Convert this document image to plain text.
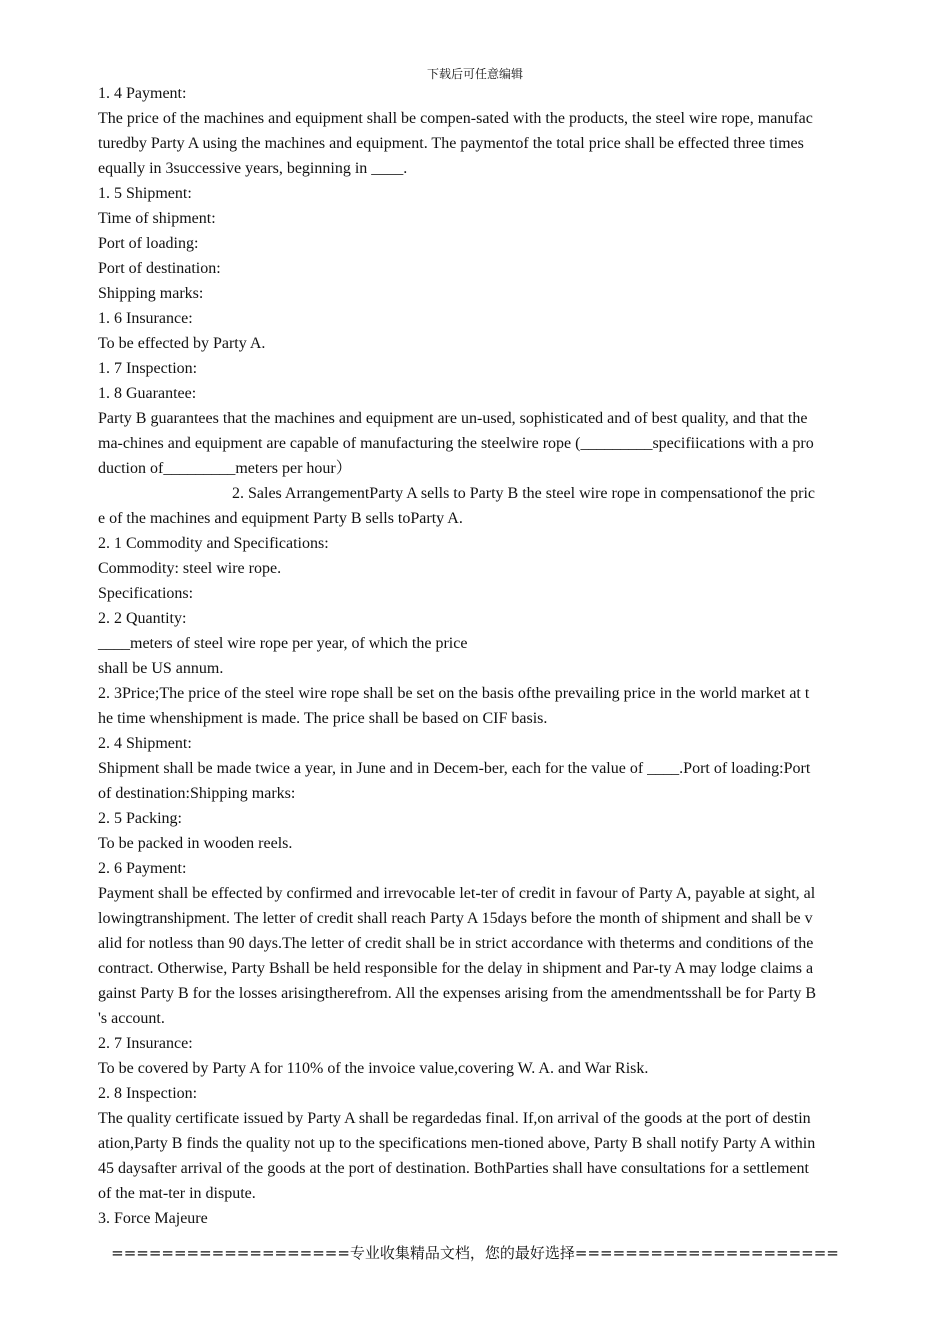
下载后可任意编辑
1. 4 Payment:
The price of the machines and equipment shall be compen-sated with the products, the steel wire rope, manufac
turedby Party A using the machines and equipment. The paymentof the total price shall be effected three times
equally in 3successive years, beginning in ____.
1. 5 Shipment:
Time of shipment:
Port of loading:
Port of destination:
Shipping marks:
1. 6 Insurance:
To be effected by Party A.
1. 7 Inspection:
1. 8 Guarantee:
Party B guarantees that the machines and equipment are un-used, sophisticated and of best quality, and that the
ma-chines and equipment are capable of manufacturing the steelwire rope (_________specifiications with a pro
duction of_________meters per hour）
2. Sales ArrangementParty A sells to Party B the steel wire rope in compensationof the pric
e of the machines and equipment Party B sells toParty A.
2. 1 Commodity and Specifications:
Commodity: steel wire rope.
Specifications:
2. 2 Quantity:
____meters of steel wire rope per year, of which the price
shall be US annum.
2. 3Price;The price of the steel wire rope shall be set on the basis ofthe prevailing price in the world market at t
he time whenshipment is made. The price shall be based on CIF basis.
2. 4 Shipment:
Shipment shall be made twice a year, in June and in Decem-ber, each for the value of ____.Port of loading:Port
of destination:Shipping marks:
2. 5 Packing:
To be packed in wooden reels.
2. 6 Payment:
Payment shall be effected by confirmed and irrevocable let-ter of credit in favour of Party A, payable at sight, al
lowingtranshipment. The letter of credit shall reach Party A 15days before the month of shipment and shall be v
alid for notless than 90 days.The letter of credit shall be in strict accordance with theterms and conditions of the
contract. Otherwise, Party Bshall be held responsible for the delay in shipment and Par-ty A may lodge claims a
gainst Party B for the losses arisingtherefrom. All the expenses arising from the amendmentsshall be for Party B
's account.
2. 7 Insurance:
To be covered by Party A for 110% of the invoice value,covering W. A. and War Risk.
2. 8 Inspection:
The quality certificate issued by Party A shall be regardedas final. If,on arrival of the goods at the port of destin
ation,Party B finds the quality not up to the specifications men-tioned above, Party B shall notify Party A within
45 daysafter arrival of the goods at the port of destination. BothParties shall have consultations for a settlement
of the mat-ter in dispute.
3. Force Majeure
===================专业收集精品文档，您的最好选择=====================
